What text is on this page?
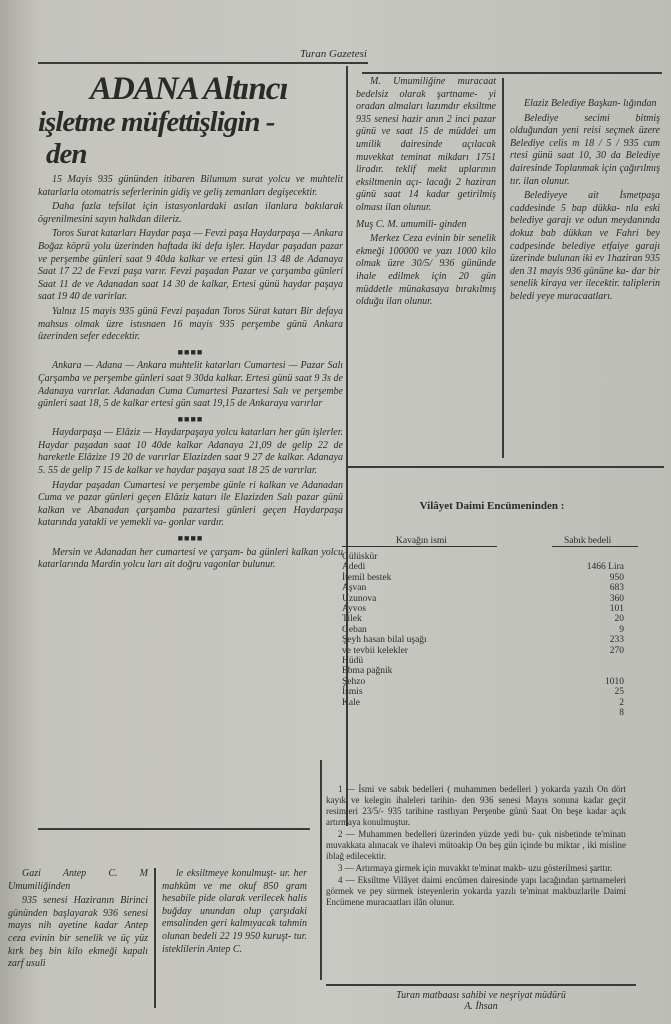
Turan Gazetesi
ADANA Altıncı
işletme müfettişligin -
den

15 Mayis 935 gününden itibaren Bilumum surat yolcu ve muhtelit katarlarla otomatris seferlerinin gidiş ve geliş zemanları degişecektir.

Daha fazla tefsilat için istasyonlardaki asılan ilanlara bakılarak ögrenilmesini sayın halkdan dileriz.

Toros Surat katarları Haydar paşa — Fevzi paşa Haydarpaşa — Ankara Boğaz köprü yolu üzerinden haftada iki defa işler. Haydar paşadan pazar ve perşembe günleri saat 9 40da kalkar ve ertesi gün 13 48 de Adanaya Saat 17 22 de Fevzi paşa varır. Fevzi paşadan Pazar ve çarşamba günleri Saat 11 de ve Adanadan saat 14 30 de kalkar, Ertesi günü haydar paşaya saat 19 40 de varirlar.

Yalnız 15 mayis 935 günü Fevzi paşadan Toros Sürat katarı Bir defaya mahsus olmak üzre istısnaen 16 mayis 935 perşembe günü Ankara üzerinden sefer edecektir.

■■■■

Ankara — Adana — Ankara muhtelit katarları Cumartesi — Pazar Salı Çarşamba ve perşembe günleri saat 9 30da kalkar. Ertesi günü saat 9 3s de Adanaya varırlar. Adanadan Cuma Cumartesi Pazartesi Salı ve perşembe günleri saat 18, 5 de kalkar ertesi gün saat 19,15 de Ankaraya varırlar

■■■■

Haydarpaşa — Elâziz — Haydarpaşaya yolcu katarları her gün işlerler. Haydar paşadan saat 10 40de kalkar Adanaya 21,09 de gelip 22 de hareketle Elâzize 19 20 de varırlar Elazizden saat 9 27 de kalkar. Adanaya 5. 55 de gelip 7 15 de kalkar ve haydar paşaya saat 18 25 de varırlar.

Haydar paşadan Cumartesi ve perşembe günle ri kalkan ve Adanadan Cuma ve pazar günleri geçen Elâziz katarı ile Elazizden Salı pazar günü kalkan ve Abanadan çarşamba pazartesi günleri geçen Haydarpaşa katarında yatakli ve yemekli va- gonlar vardır.

■■■■

Mersin ve Adanadan her cumartesi ve çarşam- ba günleri kalkan yolcu katarlarında Mardin yolcu ları ait doğru vagonlar bulunur.

M. Umumiliğine muracaat bedelsiz olarak şartname- yi oradan almaları lazımdır eksiltme 935 senesi hazir anın 2 inci pazar günü ve saat 15 de müddei um umilik dairesinde açılacak muvekkat teminat mikdarı 1751 liradır. teklif mekt uplarının eksiltmenin açı- lacağı 2 haziran günü saat 14 kadar getirilmiş olması ilan olunur.

Muş C. M. umumili- ginden

Merkez Ceza evinin bir senelik ekmeği 100000 ve yazı 1000 kilo olmak üzre 30/5/ 936 gününde ihale edilmek için 20 gün müddetle münakasaya bırakılmış olduğu ilan olunur.

Elaziz Belediye Başkan- lığından

Belediye secimi bitmiş olduğundan yeni reisi seçmek üzere Belediye celis m 18 / 5 / 935 cum rtesi günü saat 10, 30 da Belediye dairesinde Toplanmak için çağırılmış tır. ilan olunur.

Belediyeye ait İsmetpaşa caddesinde 5 bap dükka- nla eski belediye garajı ve odun meydanında dokuz bab dükkan ve Fahri bey cadpesinde belediye etfaiye garajı üzerinde bulunan iki ev 1haziran 935 den 31 mayis 936 gününe ka- dar bir senelik kiraya ver ilecektir. taliplerin beledi yeye muracaatları.

Vilâyet Daimi Encümeninden :
Kavağın ismi	Sabık bedeli
Gülüskür	
Adedi	1466 Lira
İtemil bestek	950
Aşvan	683
Uzunova	360
Ayvos	101
Tilek	20
Geban	9
Şeyh hasan bilal uşağı	233
ve tevbii kelekler	270
Hüdü	
Ebma pağnik	
Şehzo	1010
İsmis	25
Kale	2
	8

1 — İsmi ve sabık bedelleri ( muhammen bedelleri ) yokarda yazılı On dört kayık ve kelegin ihaleleri tarihin- den 936 senesi Mayıs sonuna kadar geçit resimleri 23/5/- 935 tarihine rastlıyan Perşenbe günü Saat On beşe kadar açık artırmaya konulmuştur.

2 — Muhammen bedelleri üzerinden yüzde yedi bu- çuk nisbetinde te'minatı muvakkata alınacak ve ihalevi mütoakip On beş gün içinde bu miktar , iki misline iblağ edilecektir.

3 — Artırmaya girmek için muvakkt te'minat makb- uzu gösterilmesi şarttır.

4 — Eksiltme Vilâyet daimi encümen dairesinde yapı lacağından şartnameleri görmek ve pey sürmek isteyenlerin yokarda yazılı te'minat makbuzlarile Daimi Encümene muracaatları ilân olunur.

Gazi Antep C. M Umumiliğinden

935 senesi Haziranın Birinci gününden başlayarak 936 senesi mayıs nih ayetine kadar Antep ceza evinin bir senelik ve üç yüz kırk beş bin kilo ekmeği kapalı zarf usuli

le eksiltmeye konulmuşt- ur. her mahkûm ve me okuf 850 gram hesabile pide olarak verilecek halis buğday unundan olup çarşıdaki emsalinden geri kalmıyacak tahmin olunan bedeli 22 19 950 kuruşt- tur. isteklilerin Antep C.

Turan matbaası sahibi ve neşriyat müdürü
A. İhsan
